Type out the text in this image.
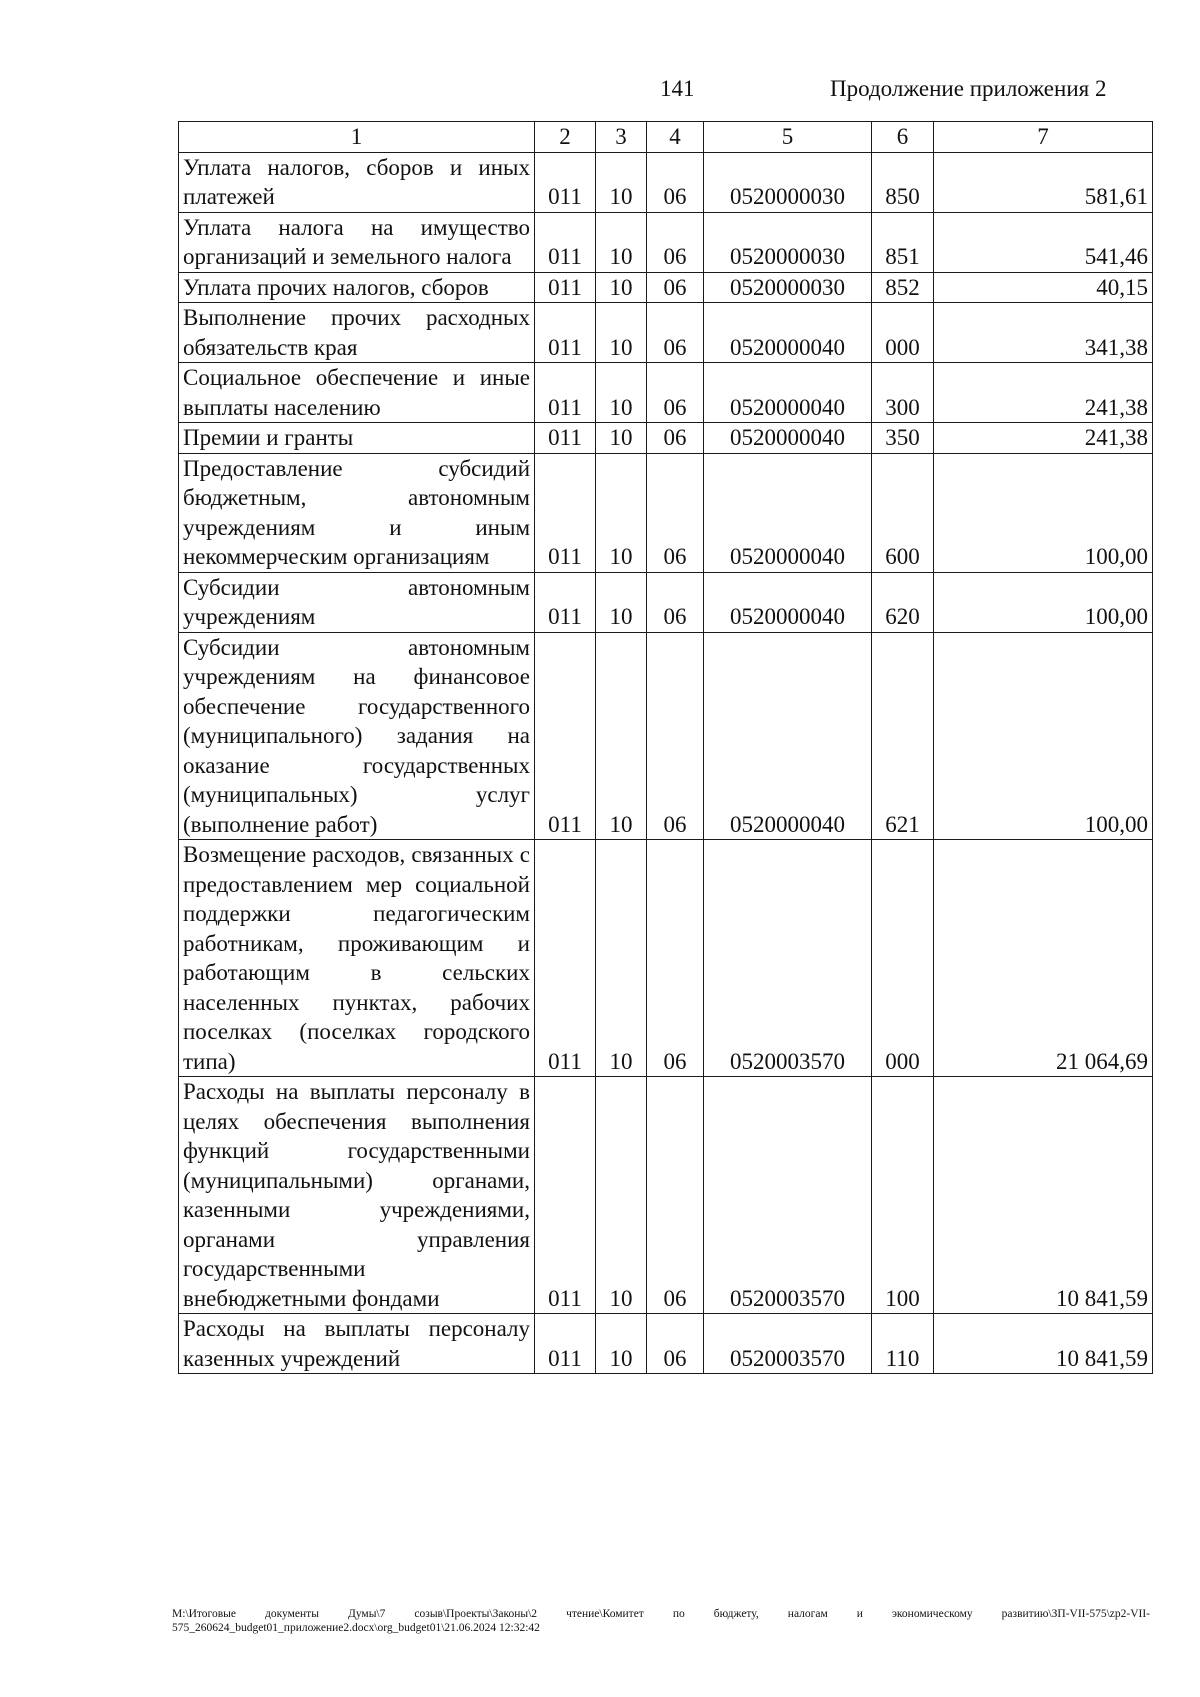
141	Продолжение приложения 2
1	2	3	4	5	6	7
Уплата налогов, сборов и иных платежей	011	10	06	0520000030	850	581,61
Уплата налога на имущество организаций и земельного налога	011	10	06	0520000030	851	541,46
Уплата прочих налогов, сборов	011	10	06	0520000030	852	40,15
Выполнение прочих расходных обязательств края	011	10	06	0520000040	000	341,38
Социальное обеспечение и иные выплаты населению	011	10	06	0520000040	300	241,38
Премии и гранты	011	10	06	0520000040	350	241,38
Предоставление субсидий бюджетным, автономным учреждениям и иным некоммерческим организациям	011	10	06	0520000040	600	100,00
Субсидии автономным учреждениям	011	10	06	0520000040	620	100,00
Субсидии автономным учреждениям на финансовое обеспечение государственного (муниципального) задания на оказание государственных (муниципальных) услуг (выполнение работ)	011	10	06	0520000040	621	100,00
Возмещение расходов, связанных с предоставлением мер социальной поддержки педагогическим работникам, проживающим и работающим в сельских населенных пунктах, рабочих поселках (поселках городского типа)	011	10	06	0520003570	000	21 064,69
Расходы на выплаты персоналу в целях обеспечения выполнения функций государственными (муниципальными) органами, казенными учреждениями, органами управления государственными внебюджетными фондами	011	10	06	0520003570	100	10 841,59
Расходы на выплаты персоналу казенных учреждений	011	10	06	0520003570	110	10 841,59
M:\Итоговые документы Думы\7 созыв\Проекты\Законы\2 чтение\Комитет по бюджету, налогам и экономическому развитию\ЗП-VII-575\zp2-VII-575_260624_budget01_приложение2.docx\org_budget01\21.06.2024 12:32:42
